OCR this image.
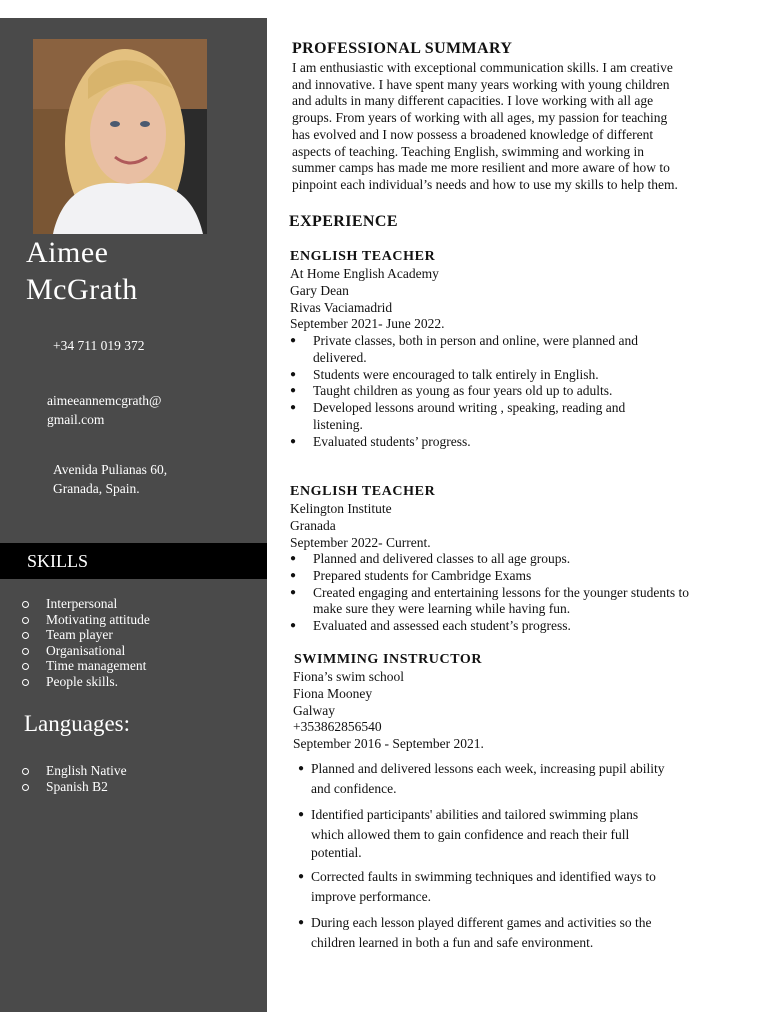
Aimee
McGrath
+34 711 019 372
aimeeannemcgrath@
gmail.com
Avenida Pulianas 60,
Granada, Spain.
SKILLS
Interpersonal
Motivating attitude
Team player
Organisational
Time management
People skills.
Languages:
English Native
Spanish B2
PROFESSIONAL SUMMARY
I am enthusiastic with exceptional communication skills. I am creative
and innovative. I have spent many years working with young children
and adults in many different capacities. I love working with all age
groups. From years of working with all ages, my passion for teaching
has evolved and I now possess a broadened knowledge of different
aspects of teaching. Teaching English, swimming and working in
summer camps has made me more resilient and more aware of how to
pinpoint each individual’s needs and how to use my skills to help them.
EXPERIENCE
ENGLISH TEACHER
At Home English Academy
Gary Dean
Rivas Vaciamadrid
September 2021- June 2022.
● Private classes, both in person and online, were planned and
delivered.
● Students were encouraged to talk entirely in English.
● Taught children as young as four years old up to adults.
● Developed lessons around writing , speaking, reading and
listening.
● Evaluated students’ progress.
ENGLISH TEACHER
Kelington Institute
Granada
September 2022- Current.
● Planned and delivered classes to all age groups.
● Prepared students for Cambridge Exams
● Created engaging and entertaining lessons for the younger students to
make sure they were learning while having fun.
● Evaluated and assessed each student’s progress.
SWIMMING INSTRUCTOR
Fiona’s swim school
Fiona Mooney
Galway
+353862856540
September 2016 - September 2021.
● Planned and delivered lessons each week, increasing pupil ability
and confidence.
● Identified participants' abilities and tailored swimming plans
which allowed them to gain confidence and reach their full
potential.
● Corrected faults in swimming techniques and identified ways to
improve performance.
● During each lesson played different games and activities so the
children learned in both a fun and safe environment.
